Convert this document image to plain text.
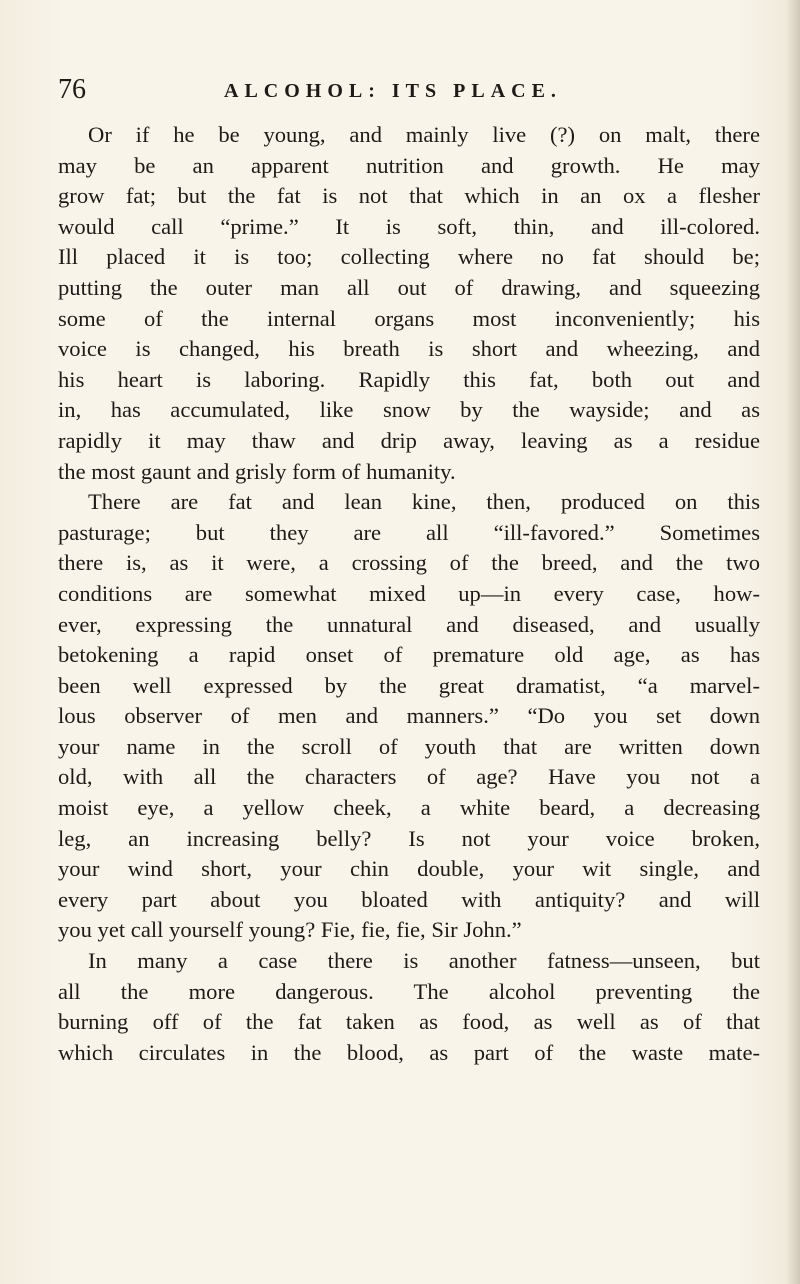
76	ALCOHOL: ITS PLACE.
Or if he be young, and mainly live (?) on malt, there
may be an apparent nutrition and growth. He may
grow fat; but the fat is not that which in an ox a flesher
would call “prime.” It is soft, thin, and ill-colored.
Ill placed it is too; collecting where no fat should be;
putting the outer man all out of drawing, and squeezing
some of the internal organs most inconveniently; his
voice is changed, his breath is short and wheezing, and
his heart is laboring. Rapidly this fat, both out and
in, has accumulated, like snow by the wayside; and as
rapidly it may thaw and drip away, leaving as a residue
the most gaunt and grisly form of humanity.
There are fat and lean kine, then, produced on this
pasturage; but they are all “ill-favored.” Sometimes
there is, as it were, a crossing of the breed, and the two
conditions are somewhat mixed up—in every case, how-
ever, expressing the unnatural and diseased, and usually
betokening a rapid onset of premature old age, as has
been well expressed by the great dramatist, “a marvel-
lous observer of men and manners.” “Do you set down
your name in the scroll of youth that are written down
old, with all the characters of age? Have you not a
moist eye, a yellow cheek, a white beard, a decreasing
leg, an increasing belly? Is not your voice broken,
your wind short, your chin double, your wit single, and
every part about you bloated with antiquity? and will
you yet call yourself young? Fie, fie, fie, Sir John.”
In many a case there is another fatness—unseen, but
all the more dangerous. The alcohol preventing the
burning off of the fat taken as food, as well as of that
which circulates in the blood, as part of the waste mate-
